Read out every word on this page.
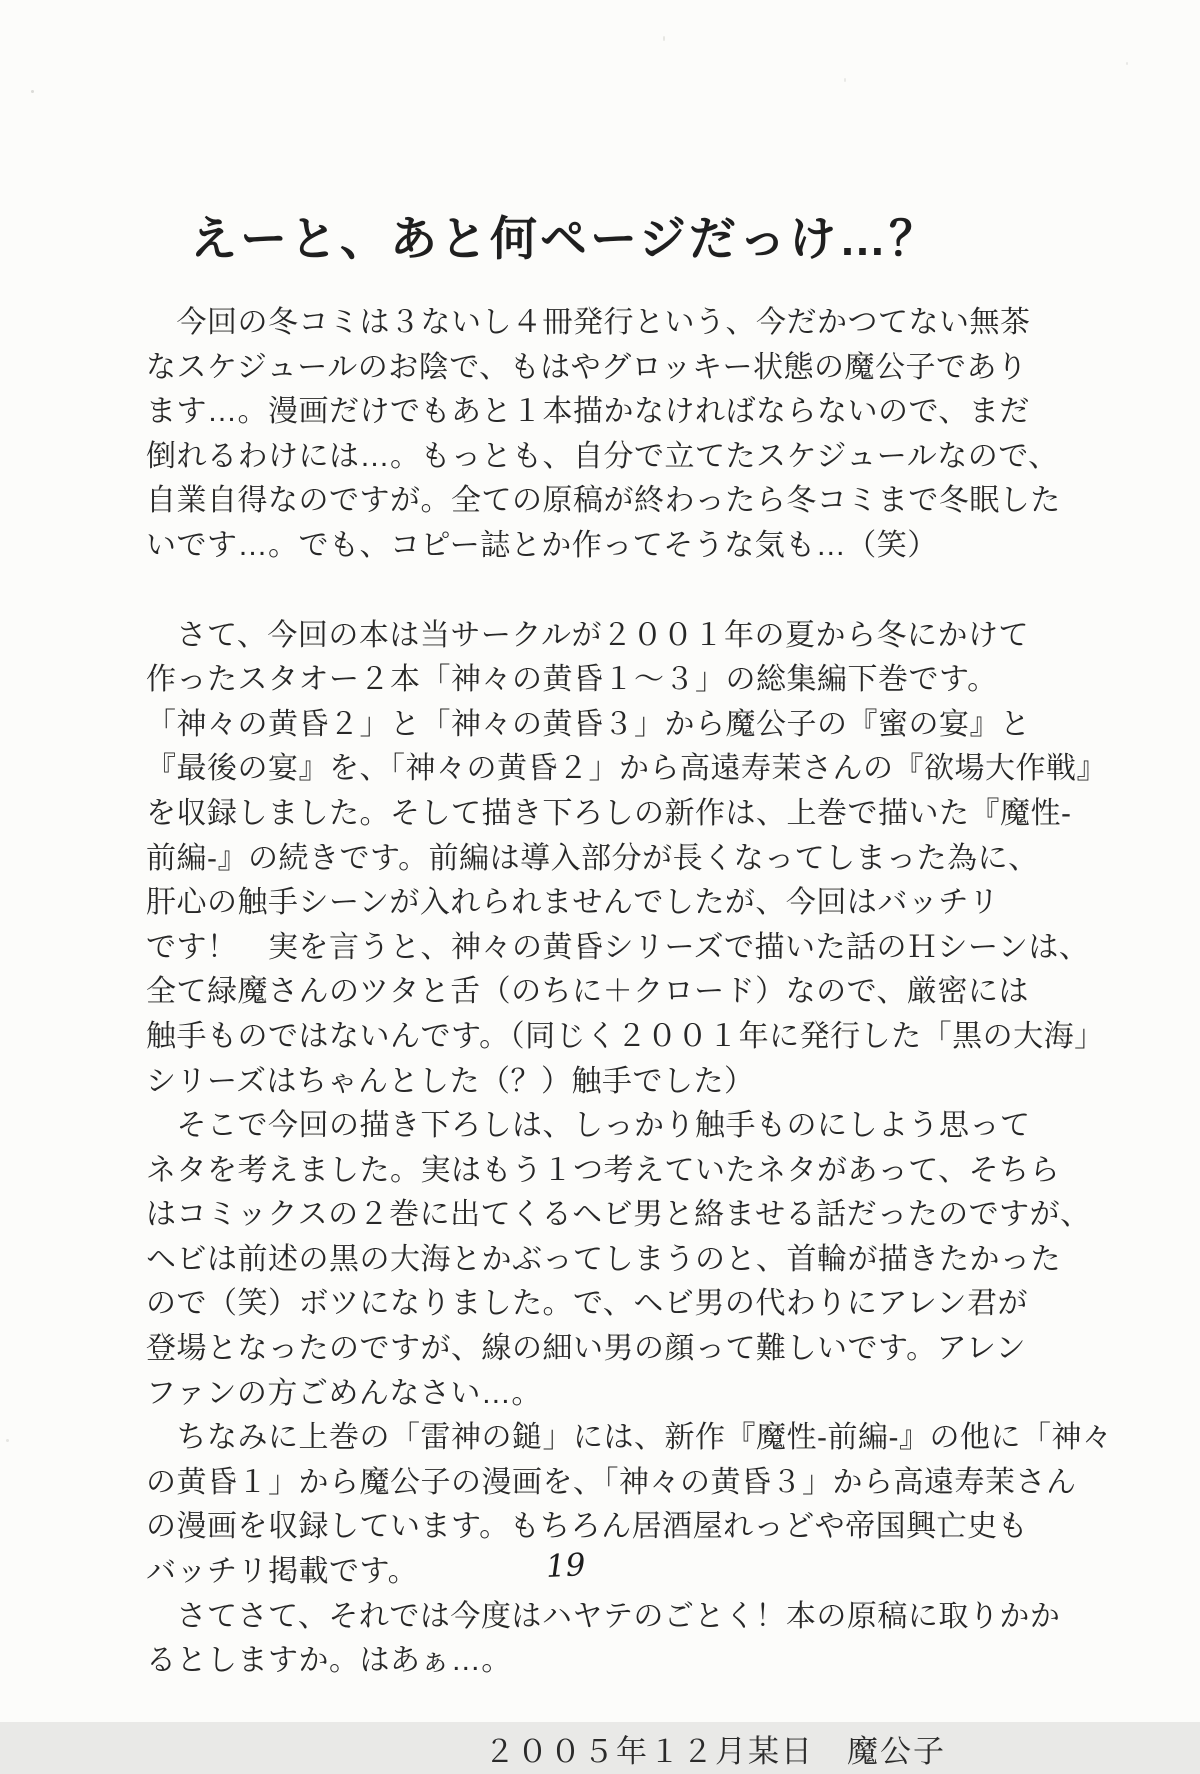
えーと、あと何ページだっけ…？
　今回の冬コミは３ないし４冊発行という、今だかつてない無茶
なスケジュールのお陰で、もはやグロッキー状態の魔公子であり
ます…。漫画だけでもあと１本描かなければならないので、まだ
倒れるわけには…。もっとも、自分で立てたスケジュールなので、
自業自得なのですが。全ての原稿が終わったら冬コミまで冬眠した
いです…。でも、コピー誌とか作ってそうな気も…（笑）
　さて、今回の本は当サークルが２００１年の夏から冬にかけて
作ったスタオー２本「神々の黄昏１～３」の総集編下巻です。
「神々の黄昏２」と「神々の黄昏３」から魔公子の『蜜の宴』と
『最後の宴』を、「神々の黄昏２」から高遠寿茉さんの『欲場大作戦』
を収録しました。そして描き下ろしの新作は、上巻で描いた『魔性-
前編-』の続きです。前編は導入部分が長くなってしまった為に、
肝心の触手シーンが入れられませんでしたが、今回はバッチリ
です！　実を言うと、神々の黄昏シリーズで描いた話のＨシーンは、
全て緑魔さんのツタと舌（のちに＋クロード）なので、厳密には
触手ものではないんです。（同じく２００１年に発行した「黒の大海」
シリーズはちゃんとした（？）触手でした）
　そこで今回の描き下ろしは、しっかり触手ものにしよう思って
ネタを考えました。実はもう１つ考えていたネタがあって、そちら
はコミックスの２巻に出てくるヘビ男と絡ませる話だったのですが、
ヘビは前述の黒の大海とかぶってしまうのと、首輪が描きたかった
ので（笑）ボツになりました。で、ヘビ男の代わりにアレン君が
登場となったのですが、線の細い男の顔って難しいです。アレン
ファンの方ごめんなさい…。
　ちなみに上巻の「雷神の鎚」には、新作『魔性-前編-』の他に「神々
の黄昏１」から魔公子の漫画を、「神々の黄昏３」から高遠寿茉さん
の漫画を収録しています。もちろん居酒屋れっどや帝国興亡史も
バッチリ掲載です。
　さてさて、それでは今度はハヤテのごとく！本の原稿に取りかか
るとしますか。はあぁ…。
２００５年１２月某日　魔公子
19
